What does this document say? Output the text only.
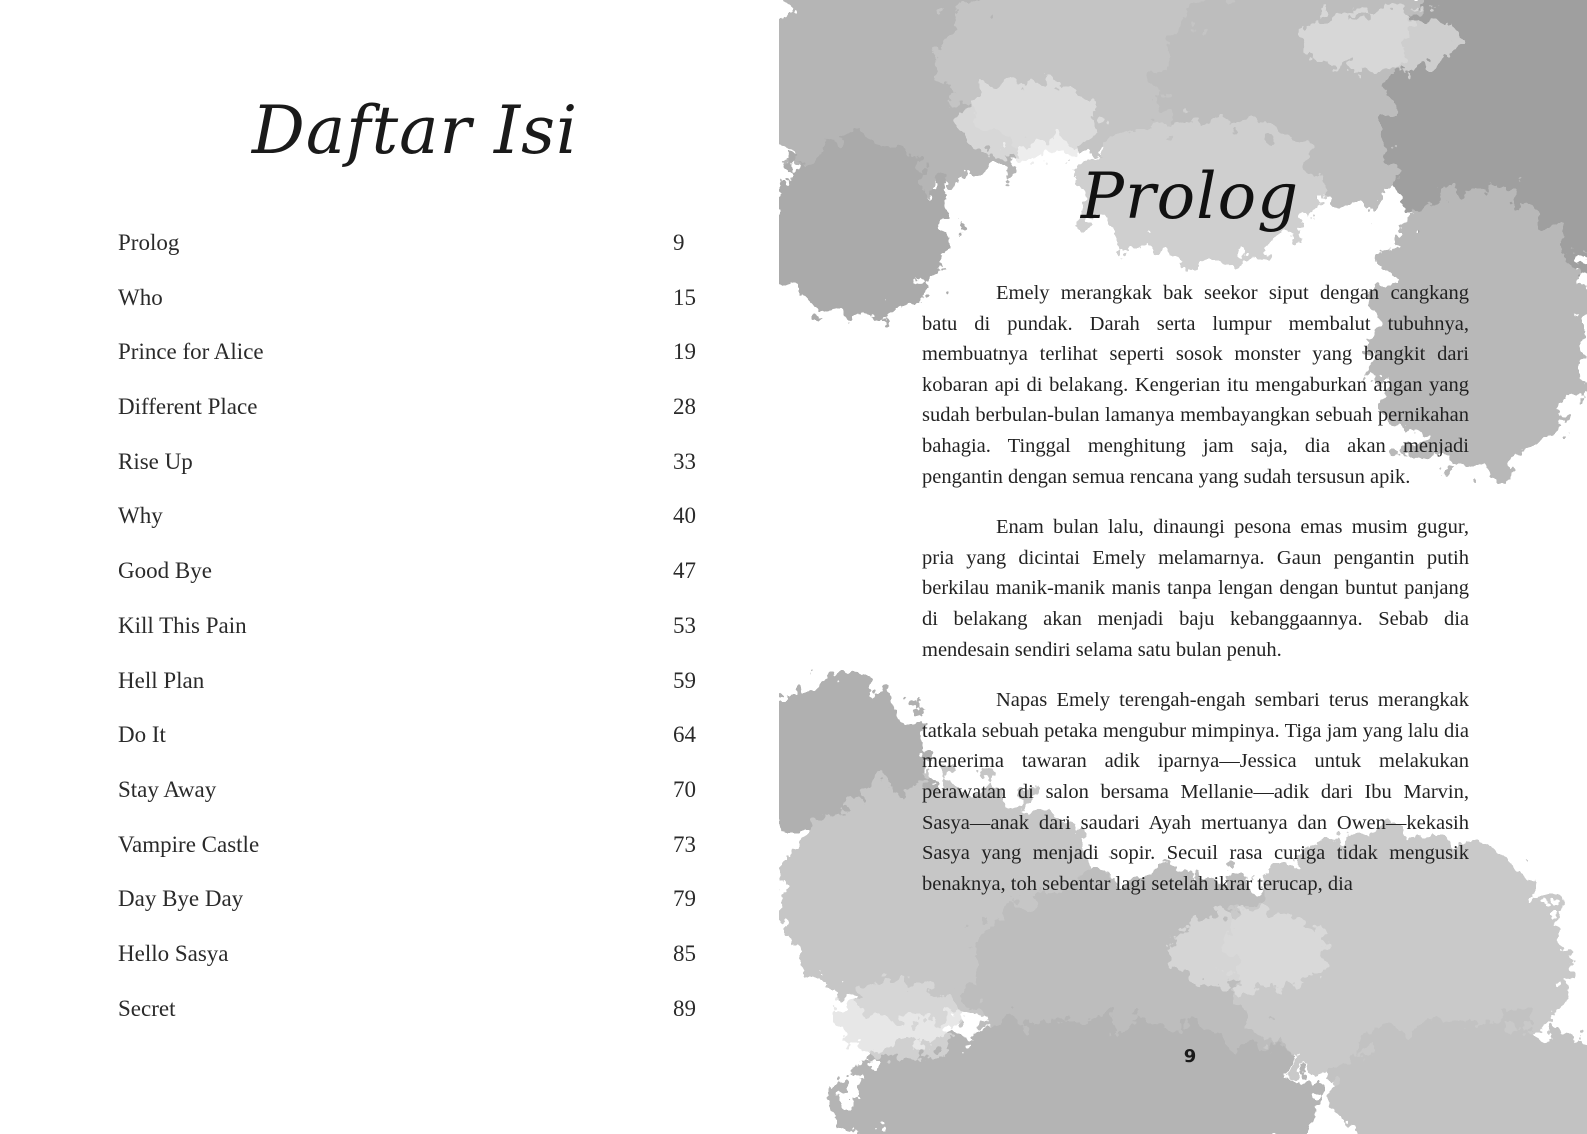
Daftar Isi
Prolog	9
Who	15
Prince for Alice	19
Different Place	28
Rise Up	33
Why	40
Good Bye	47
Kill This Pain	53
Hell Plan	59
Do It	64
Stay Away	70
Vampire Castle	73
Day Bye Day	79
Hello Sasya	85
Secret	89
Prolog

Emely merangkak bak seekor siput dengan cangkang batu di pundak. Darah serta lumpur membalut tubuhnya, membuatnya terlihat seperti sosok monster yang bangkit dari kobaran api di belakang. Kengerian itu mengaburkan angan yang sudah berbulan-bulan lamanya membayangkan sebuah pernikahan bahagia. Tinggal menghitung jam saja, dia akan menjadi pengantin dengan semua rencana yang sudah tersusun apik.

Enam bulan lalu, dinaungi pesona emas musim gugur, pria yang dicintai Emely melamarnya. Gaun pengantin putih berkilau manik-manik manis tanpa lengan dengan buntut panjang di belakang akan menjadi baju kebanggaannya. Sebab dia mendesain sendiri selama satu bulan penuh.

Napas Emely terengah-engah sembari terus merangkak tatkala sebuah petaka mengubur mimpinya. Tiga jam yang lalu dia menerima tawaran adik iparnya—Jessica untuk melakukan perawatan di salon bersama Mellanie—adik dari Ibu Marvin, Sasya—anak dari saudari Ayah mertuanya dan Owen—kekasih Sasya yang menjadi sopir. Secuil rasa curiga tidak mengusik benaknya, toh sebentar lagi setelah ikrar terucap, dia

9
